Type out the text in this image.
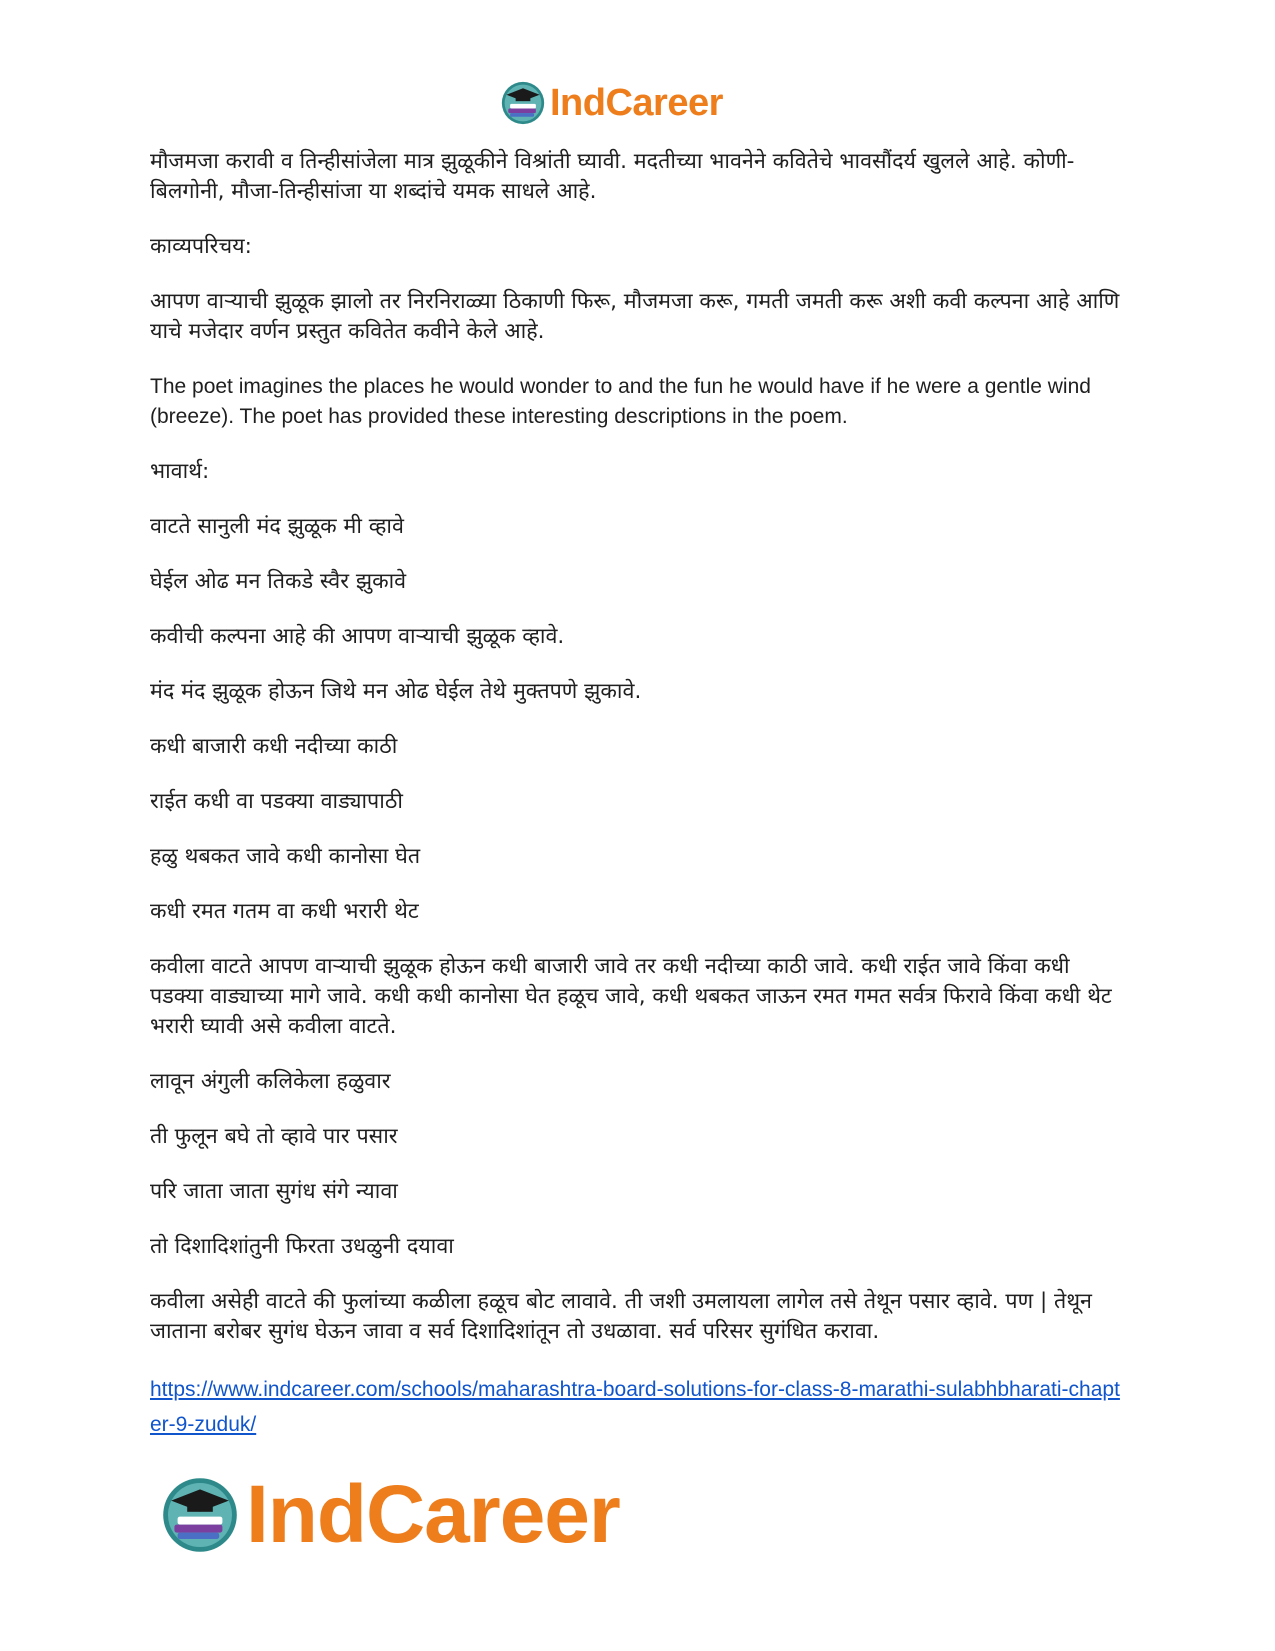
IndCareer

मौजमजा करावी व तिन्हीसांजेला मात्र झुळूकीने विश्रांती घ्यावी. मदतीच्या भावनेने कवितेचे भावसौंदर्य खुलले आहे. कोणी-बिलगोनी, मौजा-तिन्हीसांजा या शब्दांचे यमक साधले आहे.

काव्यपरिचय:

आपण वाऱ्याची झुळूक झालो तर निरनिराळ्या ठिकाणी फिरू, मौजमजा करू, गमती जमती करू अशी कवी कल्पना आहे आणि याचे मजेदार वर्णन प्रस्तुत कवितेत कवीने केले आहे.

The poet imagines the places he would wonder to and the fun he would have if he were a gentle wind (breeze). The poet has provided these interesting descriptions in the poem.

भावार्थ:

वाटते सानुली मंद झुळूक मी व्हावे

घेईल ओढ मन तिकडे स्वैर झुकावे

कवीची कल्पना आहे की आपण वाऱ्याची झुळूक व्हावे.

मंद मंद झुळूक होऊन जिथे मन ओढ घेईल तेथे मुक्तपणे झुकावे.

कधी बाजारी कधी नदीच्या काठी

राईत कधी वा पडक्या वाड्यापाठी

हळु थबकत जावे कधी कानोसा घेत

कधी रमत गतम वा कधी भरारी थेट

कवीला वाटते आपण वाऱ्याची झुळूक होऊन कधी बाजारी जावे तर कधी नदीच्या काठी जावे. कधी राईत जावे किंवा कधी पडक्या वाड्याच्या मागे जावे. कधी कधी कानोसा घेत हळूच जावे, कधी थबकत जाऊन रमत गमत सर्वत्र फिरावे किंवा कधी थेट भरारी घ्यावी असे कवीला वाटते.

लावून अंगुली कलिकेला हळुवार

ती फुलून बघे तो व्हावे पार पसार

परि जाता जाता सुगंध संगे न्यावा

तो दिशादिशांतुनी फिरता उधळुनी दयावा

कवीला असेही वाटते की फुलांच्या कळीला हळूच बोट लावावे. ती जशी उमलायला लागेल तसे तेथून पसार व्हावे. पण | तेथून जाताना बरोबर सुगंध घेऊन जावा व सर्व दिशादिशांतून तो उधळावा. सर्व परिसर सुगंधित करावा.

https://www.indcareer.com/schools/maharashtra-board-solutions-for-class-8-marathi-sulabhbharati-chapter-9-zuduk/
IndCareer
